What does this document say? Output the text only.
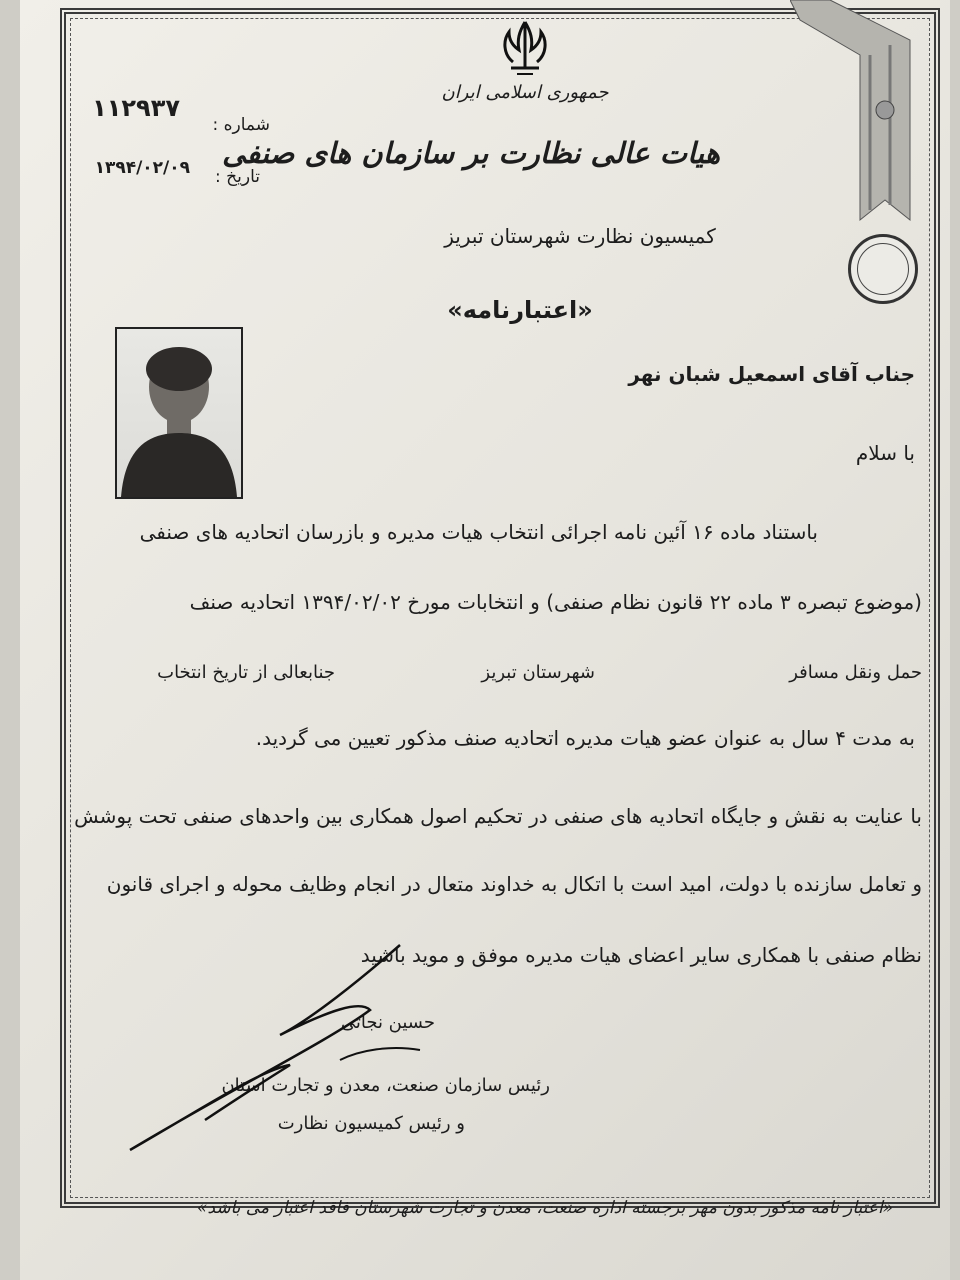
جمهوری اسلامی ایران
هیات عالی نظارت بر سازمان های صنفی
کمیسیون نظارت شهرستان تبریز
«اعتبارنامه»
شماره :
۱۱۲۹۳۷
تاریخ :
۱۳۹۴/۰۲/۰۹
جناب آقای اسمعیل شبان نهر
با سلام
باستناد ماده ۱۶ آئین نامه اجرائی انتخاب هیات مدیره و بازرسان اتحادیه های صنفی
(موضوع تبصره ۳ ماده ۲۲ قانون نظام صنفی) و انتخابات مورخ ۱۳۹۴/۰۲/۰۲ اتحادیه صنف
حمل ونقل مسافر
شهرستان تبریز
جنابعالی از تاریخ انتخاب
به مدت ۴ سال به عنوان عضو هیات مدیره اتحادیه صنف مذکور تعیین می گردید.
با عنایت به نقش و جایگاه اتحادیه های صنفی در تحکیم اصول همکاری بین واحدهای صنفی تحت پوشش
و تعامل سازنده با دولت، امید است با اتکال به خداوند متعال در انجام وظایف محوله و اجرای قانون
نظام صنفی با همکاری سایر اعضای هیات مدیره موفق و موید باشید
حسین نجاتی
رئیس سازمان صنعت، معدن و تجارت استان
و رئیس کمیسیون نظارت
«اعتبار نامه مذکور بدون مهر برجسته اداره صنعت، معدن و تجارت شهرستان فاقد اعتبار می باشد»
